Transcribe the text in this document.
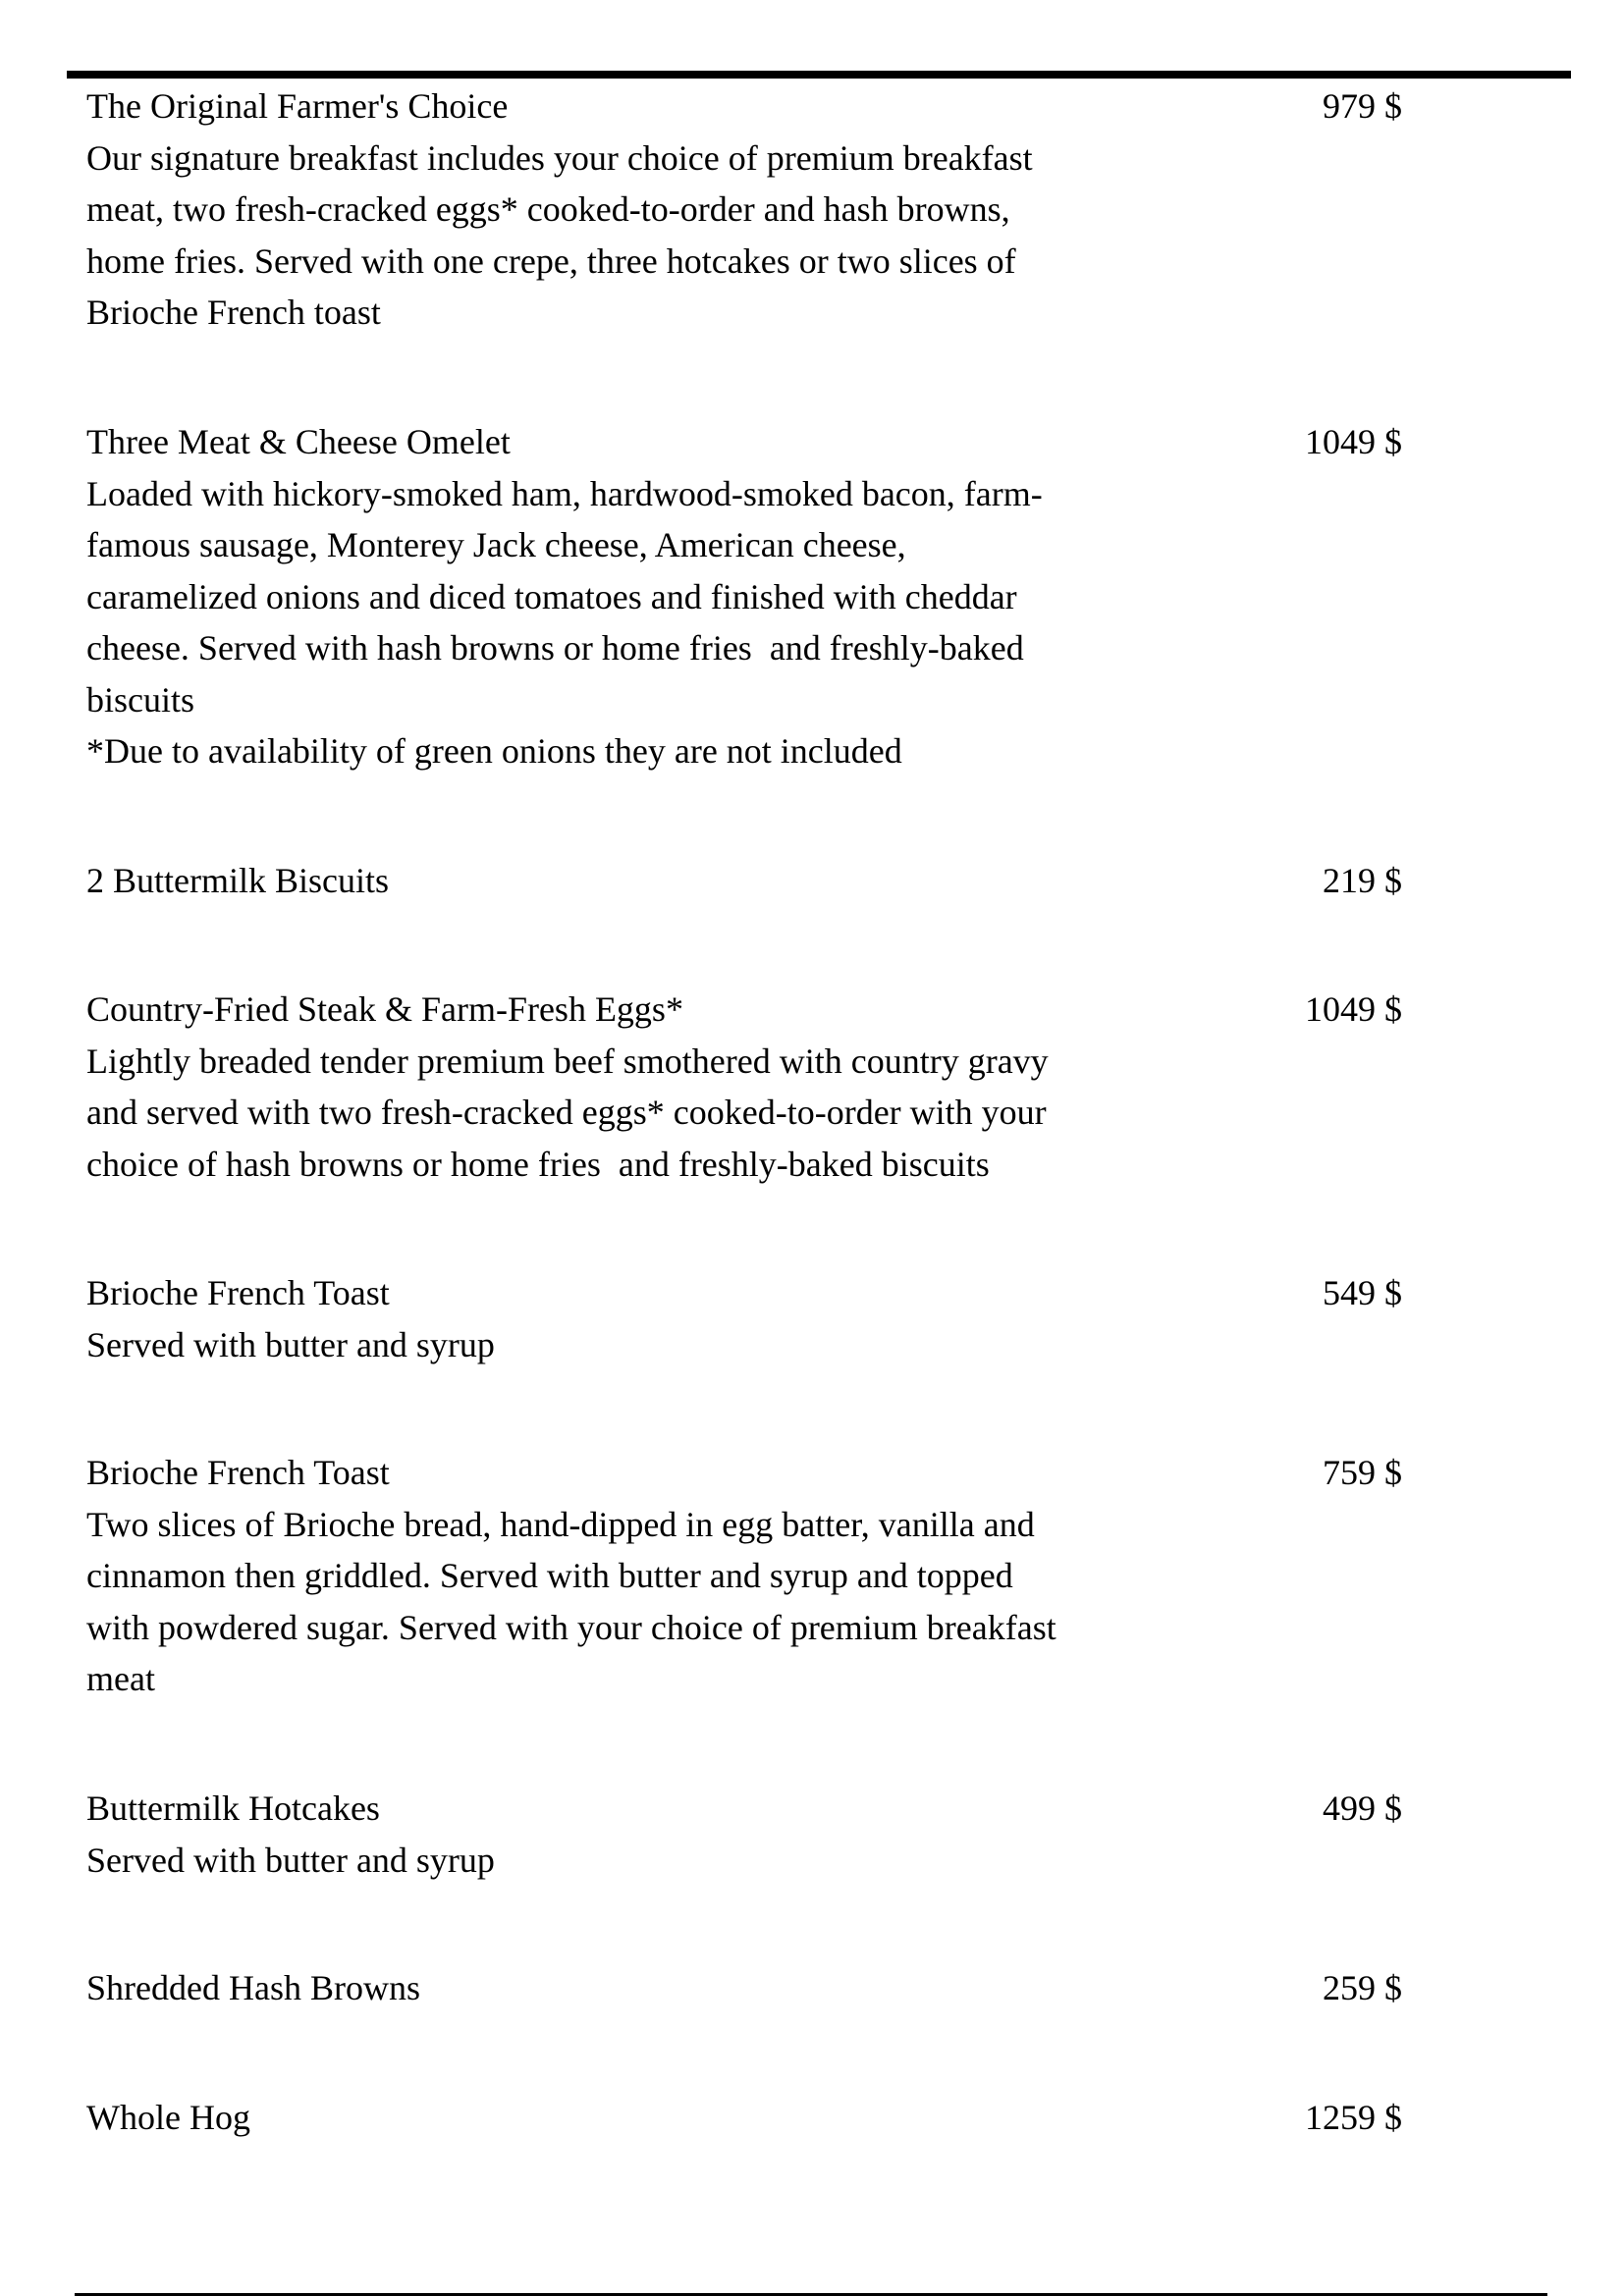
The Original Farmer's Choice
Our signature breakfast includes your choice of premium breakfast
meat, two fresh-cracked eggs* cooked-to-order and hash browns,
home fries. Served with one crepe, three hotcakes or two slices of
Brioche French toast
979 $
Three Meat & Cheese Omelet
Loaded with hickory-smoked ham, hardwood-smoked bacon, farm-
famous sausage, Monterey Jack cheese, American cheese,
caramelized onions and diced tomatoes and finished with cheddar
cheese. Served with hash browns or home fries  and freshly-baked
biscuits
*Due to availability of green onions they are not included
1049 $
2 Buttermilk Biscuits	219 $
Country-Fried Steak & Farm-Fresh Eggs*
Lightly breaded tender premium beef smothered with country gravy
and served with two fresh-cracked eggs* cooked-to-order with your
choice of hash browns or home fries  and freshly-baked biscuits
1049 $
Brioche French Toast
Served with butter and syrup
549 $
Brioche French Toast
Two slices of Brioche bread, hand-dipped in egg batter, vanilla and
cinnamon then griddled. Served with butter and syrup and topped
with powdered sugar. Served with your choice of premium breakfast
meat
759 $
Buttermilk Hotcakes
Served with butter and syrup
499 $
Shredded Hash Browns	259 $
Whole Hog	1259 $
